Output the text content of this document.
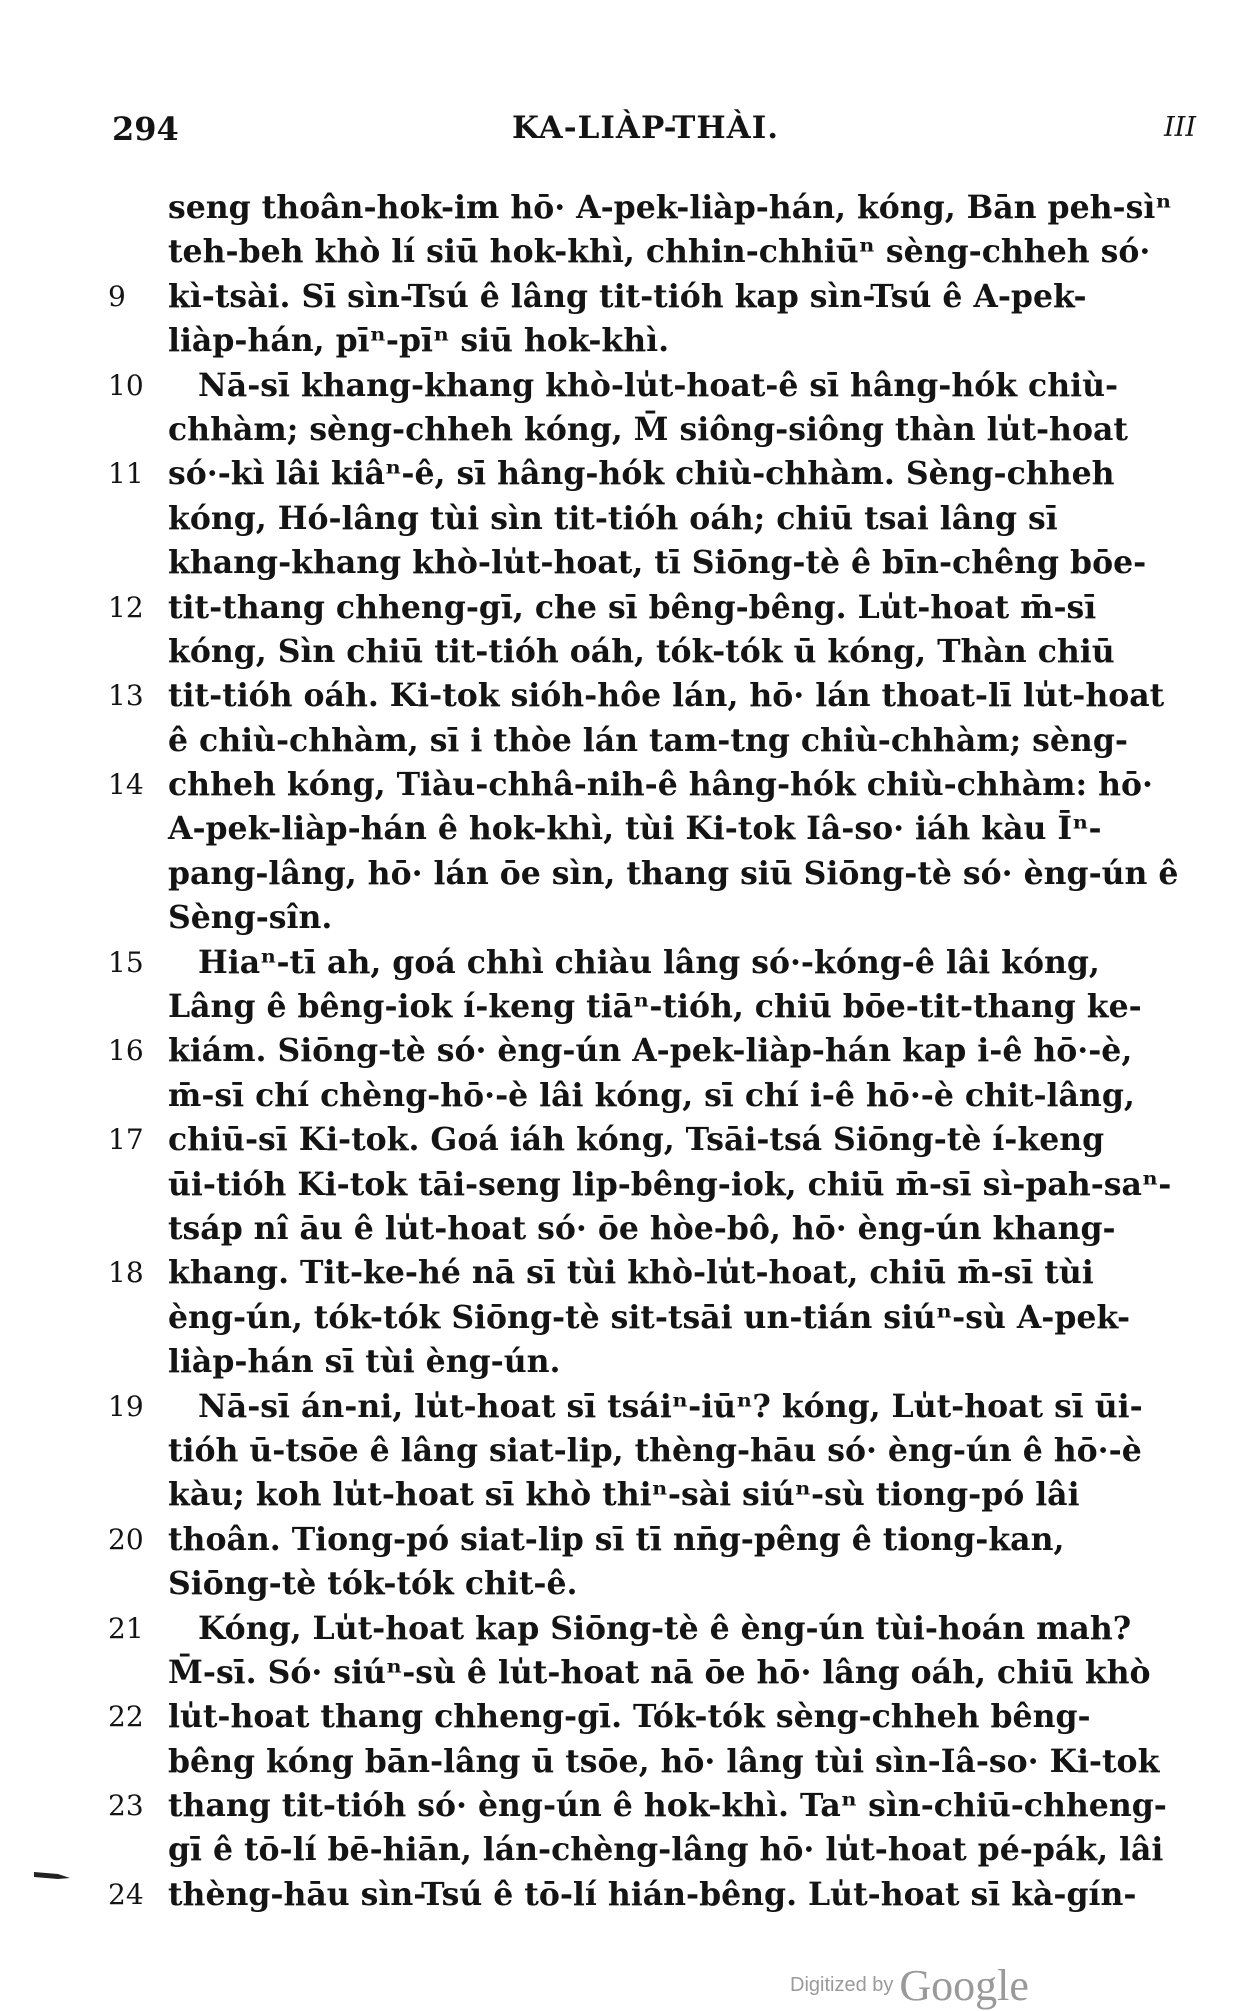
294	KA-LIÀP-THÀI.	III
seng thoân-hok-im hō· A-pek-liàp-hán, kóng, Bān peh-sìⁿ
teh-beh khò lí siū hok-khì, chhin-chhiūⁿ sèng-chheh só·
9	kì-tsài. Sī sìn-Tsú ê lâng tit-tióh kap sìn-Tsú ê A-pek-
liàp-hán, pīⁿ-pīⁿ siū hok-khì.
10	Nā-sī khang-khang khò-lu̍t-hoat-ê sī hâng-hók chiù-
chhàm; sèng-chheh kóng, M̄ siông-siông thàn lu̍t-hoat
11 só·-kì lâi kiâⁿ-ê, sī hâng-hók chiù-chhàm. Sèng-chheh
kóng, Hó-lâng tùi sìn tit-tióh oáh; chiū tsai lâng sī
khang-khang khò-lu̍t-hoat, tī Siōng-tè ê bīn-chêng bōe-
12 tit-thang chheng-gī, che sī bêng-bêng. Lu̍t-hoat m̄-sī
kóng, Sìn chiū tit-tióh oáh, tók-tók ū kóng, Thàn chiū
13 tit-tióh oáh. Ki-tok sióh-hôe lán, hō· lán thoat-lī lu̍t-hoat
ê chiù-chhàm, sī i thòe lán tam-tng chiù-chhàm; sèng-
14 chheh kóng, Tiàu-chhâ-nih-ê hâng-hók chiù-chhàm: hō·
A-pek-liàp-hán ê hok-khì, tùi Ki-tok Iâ-so· iáh kàu Īⁿ-
pang-lâng, hō· lán ōe sìn, thang siū Siōng-tè só· èng-ún ê
Sèng-sîn.
15	Hiaⁿ-tī ah, goá chhì chiàu lâng só·-kóng-ê lâi kóng,
Lâng ê bêng-iok í-keng tiāⁿ-tióh, chiū bōe-tit-thang ke-
16 kiám. Siōng-tè só· èng-ún A-pek-liàp-hán kap i-ê hō·-è,
m̄-sī chí chèng-hō·-è lâi kóng, sī chí i-ê hō·-è chit-lâng,
17 chiū-sī Ki-tok. Goá iáh kóng, Tsāi-tsá Siōng-tè í-keng
ūi-tióh Ki-tok tāi-seng lip-bêng-iok, chiū m̄-sī sì-pah-saⁿ-
tsáp nî āu ê lu̍t-hoat só· ōe hòe-bô, hō· èng-ún khang-
18 khang. Tit-ke-hé nā sī tùi khò-lu̍t-hoat, chiū m̄-sī tùi
èng-ún, tók-tók Siōng-tè sit-tsāi un-tián siúⁿ-sù A-pek-
liàp-hán sī tùi èng-ún.
19	Nā-sī án-ni, lu̍t-hoat sī tsáiⁿ-iūⁿ? kóng, Lu̍t-hoat sī ūi-
tióh ū-tsōe ê lâng siat-lip, thèng-hāu só· èng-ún ê hō·-è
kàu; koh lu̍t-hoat sī khò thiⁿ-sài siúⁿ-sù tiong-pó lâi
20 thoân. Tiong-pó siat-lip sī tī nn̄g-pêng ê tiong-kan,
Siōng-tè tók-tók chit-ê.
21	Kóng, Lu̍t-hoat kap Siōng-tè ê èng-ún tùi-hoán mah?
M̄-sī. Só· siúⁿ-sù ê lu̍t-hoat nā ōe hō· lâng oáh, chiū khò
22 lu̍t-hoat thang chheng-gī. Tók-tók sèng-chheh bêng-
bêng kóng bān-lâng ū tsōe, hō· lâng tùi sìn-Iâ-so· Ki-tok
23 thang tit-tióh só· èng-ún ê hok-khì. Taⁿ sìn-chiū-chheng-
gī ê tō-lí bē-hiān, lán-chèng-lâng hō· lu̍t-hoat pé-pák, lâi
24 thèng-hāu sìn-Tsú ê tō-lí hián-bêng. Lu̍t-hoat sī kà-gín-
Digitized by Google
